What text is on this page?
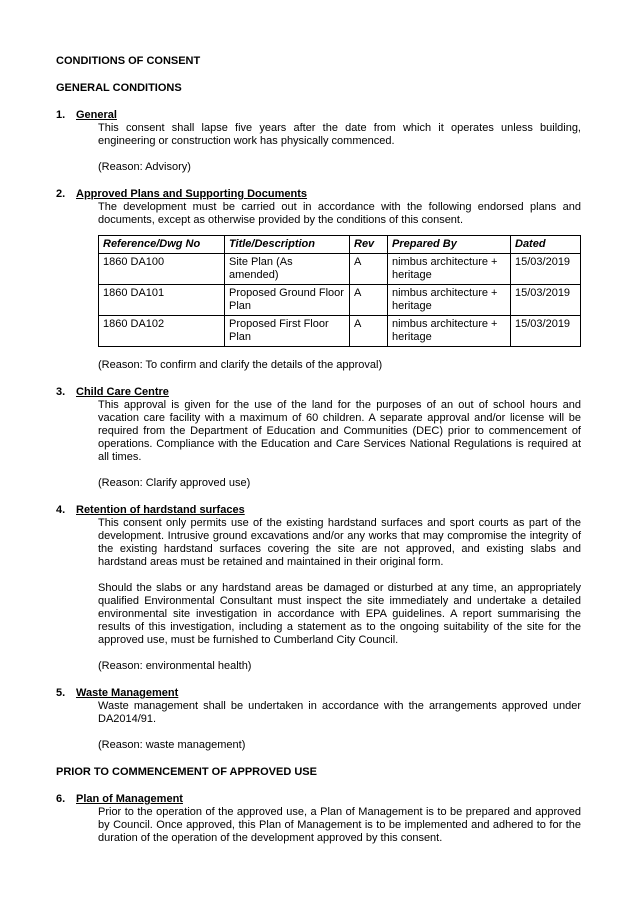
CONDITIONS OF CONSENT

GENERAL CONDITIONS

1. General

This consent shall lapse five years after the date from which it operates unless building, engineering or construction work has physically commenced.

(Reason: Advisory)

2. Approved Plans and Supporting Documents

The development must be carried out in accordance with the following endorsed plans and documents, except as otherwise provided by the conditions of this consent.

Reference/Dwg No	Title/Description	Rev	Prepared By	Dated
1860 DA100	Site Plan (As amended)	A	nimbus architecture + heritage	15/03/2019
1860 DA101	Proposed Ground Floor Plan	A	nimbus architecture + heritage	15/03/2019
1860 DA102	Proposed First Floor Plan	A	nimbus architecture + heritage	15/03/2019

(Reason: To confirm and clarify the details of the approval)

3. Child Care Centre

This approval is given for the use of the land for the purposes of an out of school hours and vacation care facility with a maximum of 60 children. A separate approval and/or license will be required from the Department of Education and Communities (DEC) prior to commencement of operations. Compliance with the Education and Care Services National Regulations is required at all times.

(Reason: Clarify approved use)

4. Retention of hardstand surfaces

This consent only permits use of the existing hardstand surfaces and sport courts as part of the development. Intrusive ground excavations and/or any works that may compromise the integrity of the existing hardstand surfaces covering the site are not approved, and existing slabs and hardstand areas must be retained and maintained in their original form.

Should the slabs or any hardstand areas be damaged or disturbed at any time, an appropriately qualified Environmental Consultant must inspect the site immediately and undertake a detailed environmental site investigation in accordance with EPA guidelines. A report summarising the results of this investigation, including a statement as to the ongoing suitability of the site for the approved use, must be furnished to Cumberland City Council.

(Reason: environmental health)

5. Waste Management

Waste management shall be undertaken in accordance with the arrangements approved under DA2014/91.

(Reason: waste management)

PRIOR TO COMMENCEMENT OF APPROVED USE

6. Plan of Management

Prior to the operation of the approved use, a Plan of Management is to be prepared and approved by Council. Once approved, this Plan of Management is to be implemented and adhered to for the duration of the operation of the development approved by this consent.
